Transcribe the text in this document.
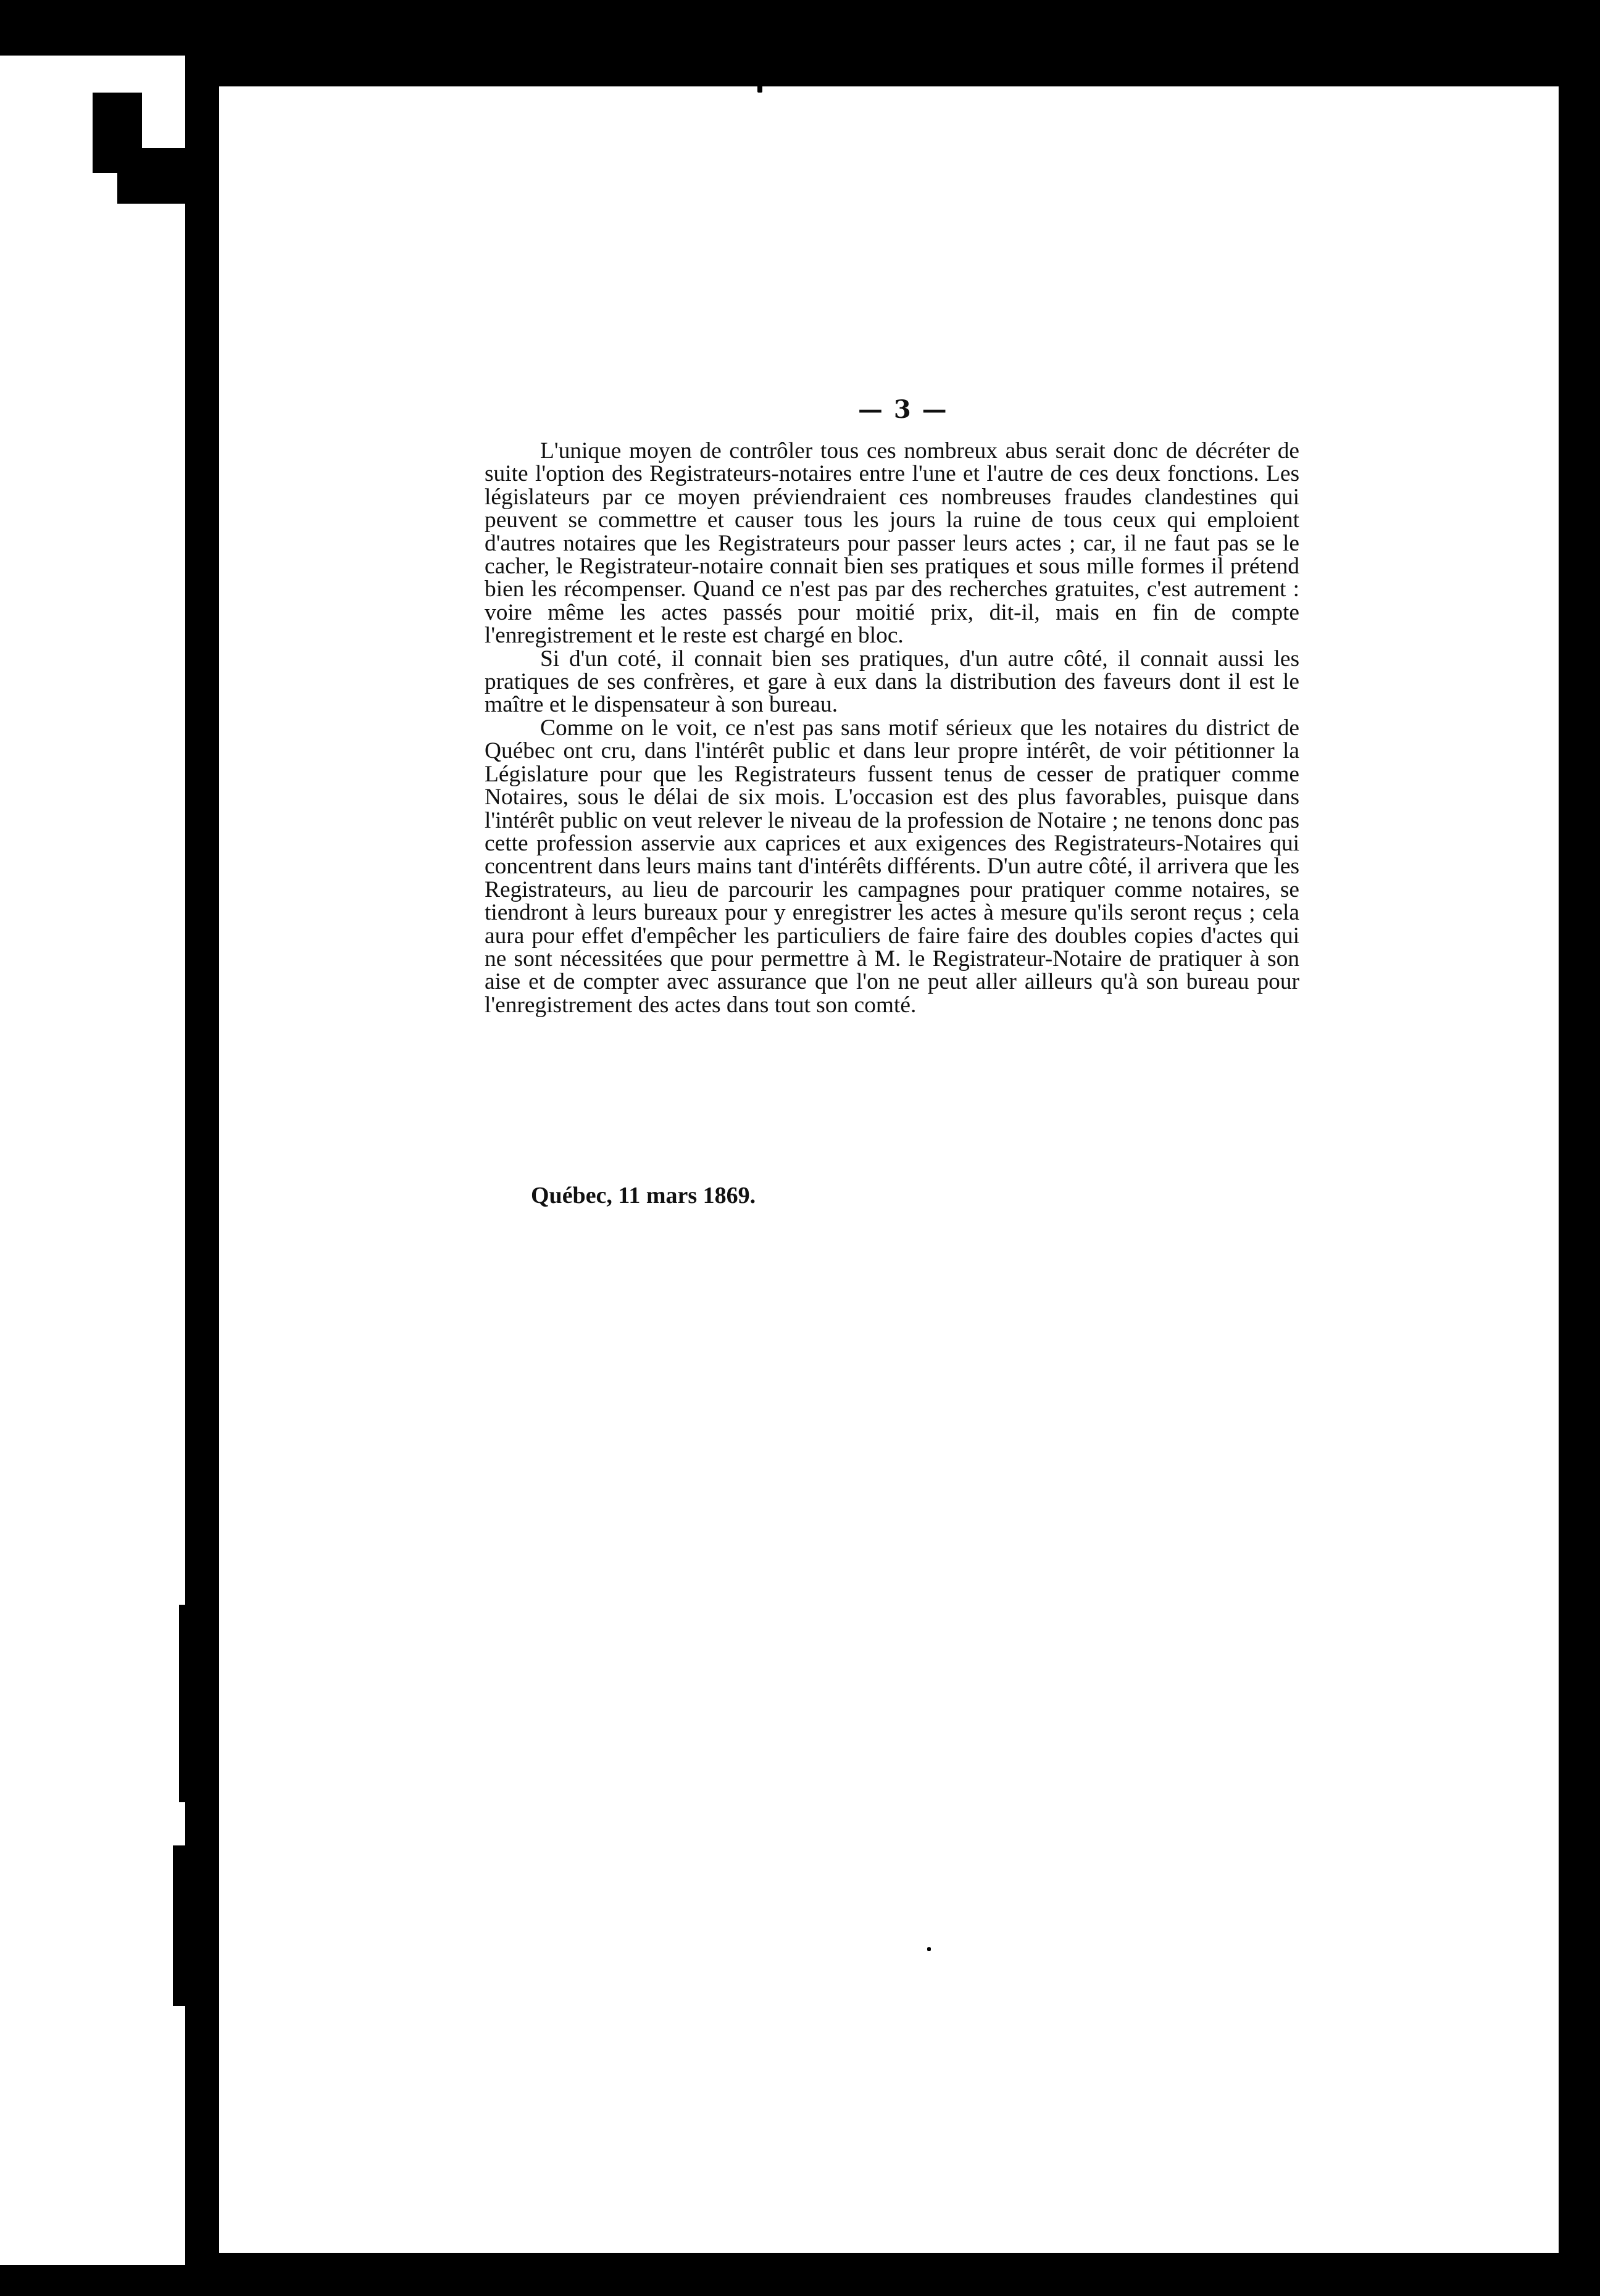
— 3 —

L'unique moyen de contrôler tous ces nombreux abus serait donc de décréter de suite l'option des Registrateurs-notaires entre l'une et l'autre de ces deux fonctions. Les législateurs par ce moyen préviendraient ces nombreuses fraudes clandestines qui peuvent se commettre et causer tous les jours la ruine de tous ceux qui emploient d'autres notaires que les Registrateurs pour passer leurs actes ; car, il ne faut pas se le cacher, le Registrateur-notaire connait bien ses pratiques et sous mille formes il prétend bien les récompenser. Quand ce n'est pas par des recherches gratuites, c'est autrement : voire même les actes passés pour moitié prix, dit-il, mais en fin de compte l'enregistrement et le reste est chargé en bloc.

Si d'un coté, il connait bien ses pratiques, d'un autre côté, il connait aussi les pratiques de ses confrères, et gare à eux dans la distribution des faveurs dont il est le maître et le dispensateur à son bureau.

Comme on le voit, ce n'est pas sans motif sérieux que les notaires du district de Québec ont cru, dans l'intérêt public et dans leur propre intérêt, de voir pétitionner la Législature pour que les Registrateurs fussent tenus de cesser de pratiquer comme Notaires, sous le délai de six mois. L'occasion est des plus favorables, puisque dans l'intérêt public on veut relever le niveau de la profession de Notaire ; ne tenons donc pas cette profession asservie aux caprices et aux exigences des Registrateurs-Notaires qui concentrent dans leurs mains tant d'intérêts différents. D'un autre côté, il arrivera que les Registrateurs, au lieu de parcourir les campagnes pour pratiquer comme notaires, se tiendront à leurs bureaux pour y enregistrer les actes à mesure qu'ils seront reçus ; cela aura pour effet d'empêcher les particuliers de faire faire des doubles copies d'actes qui ne sont nécessitées que pour permettre à M. le Registrateur-Notaire de pratiquer à son aise et de compter avec assurance que l'on ne peut aller ailleurs qu'à son bureau pour l'enregistrement des actes dans tout son comté.

Québec, 11 mars 1869.
